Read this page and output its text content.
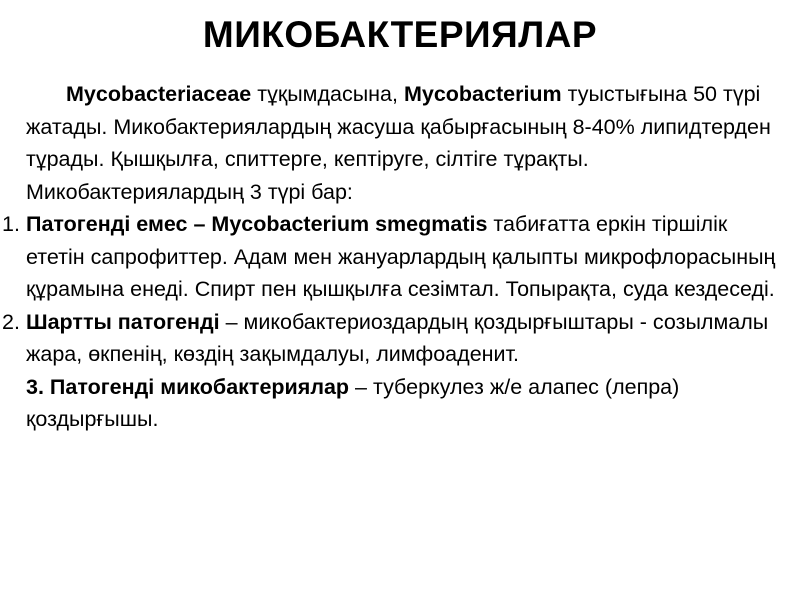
МИКОБАКТЕРИЯЛАР

Mycobacteriaceae тұқымдасына, Mycobacterium туыстығына 50 түрі жатады. Микобактериялардың жасуша қабырғасының 8-40% липидтерден тұрады. Қышқылға, спиттерге, кептіруге, сілтіге тұрақты. Микобактериялардың 3 түрі бар:

1. Патогенді емес – Mycobacterium smegmatis табиғатта еркін тіршілік ететін сапрофиттер. Адам мен жануарлардың қалыпты микрофлорасының құрамына енеді. Спирт пен қышқылға сезімтал. Топырақта, суда кездеседі.

2. Шартты патогенді – микобактериоздардың қоздырғыштары - созылмалы жара, өкпенің, көздің зақымдалуы, лимфоаденит.

3. Патогенді микобактериялар – туберкулез ж/е алапес (лепра) қоздырғышы.
